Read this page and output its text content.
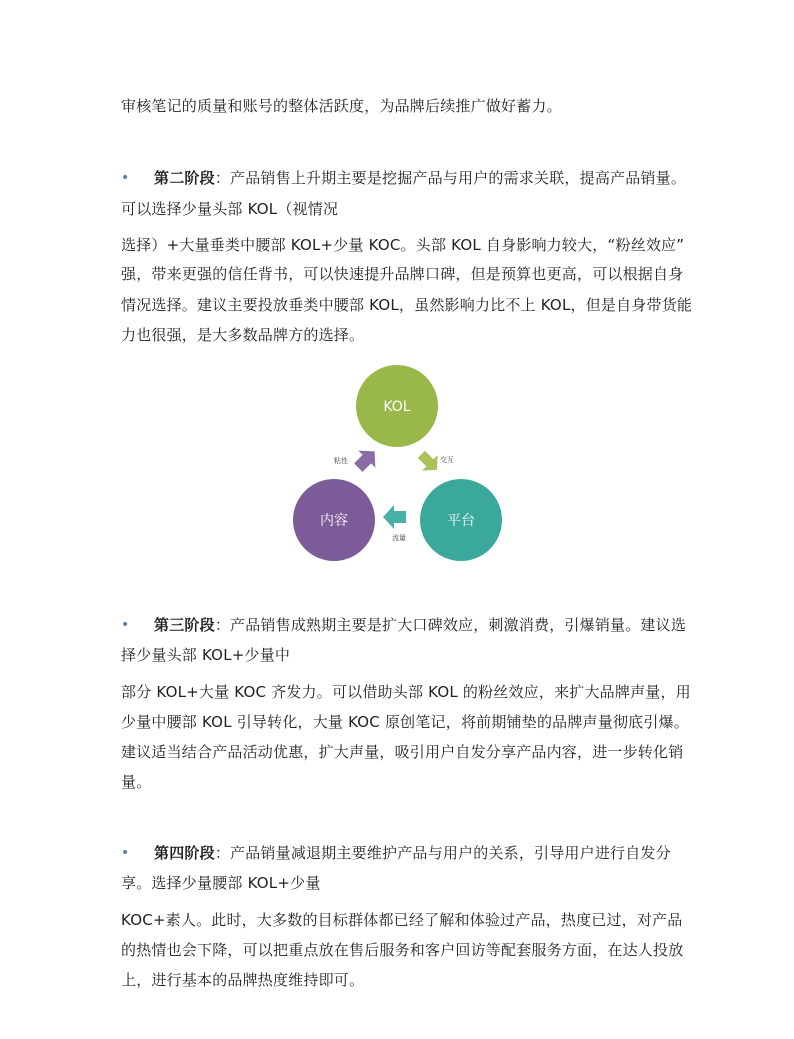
审核笔记的质量和账号的整体活跃度，为品牌后续推广做好蓄力。
• 第二阶段：产品销售上升期主要是挖掘产品与用户的需求关联，提高产品销量。
可以选择少量头部 KOL（视情况
选择）+大量垂类中腰部 KOL+少量 KOC。头部 KOL 自身影响力较大，“粉丝效应”
强，带来更强的信任背书，可以快速提升品牌口碑，但是预算也更高，可以根据自身
情况选择。建议主要投放垂类中腰部 KOL，虽然影响力比不上 KOL，但是自身带货能
力也很强，是大多数品牌方的选择。
KOL
平台
内容
交互
流量
粘性
• 第三阶段：产品销售成熟期主要是扩大口碑效应，刺激消费，引爆销量。建议选
择少量头部 KOL+少量中
部分 KOL+大量 KOC 齐发力。可以借助头部 KOL 的粉丝效应，来扩大品牌声量，用
少量中腰部 KOL 引导转化，大量 KOC 原创笔记，将前期铺垫的品牌声量彻底引爆。
建议适当结合产品活动优惠，扩大声量，吸引用户自发分享产品内容，进一步转化销
量。
• 第四阶段：产品销量减退期主要维护产品与用户的关系，引导用户进行自发分
享。选择少量腰部 KOL+少量
KOC+素人。此时，大多数的目标群体都已经了解和体验过产品，热度已过，对产品
的热情也会下降，可以把重点放在售后服务和客户回访等配套服务方面，在达人投放
上，进行基本的品牌热度维持即可。
